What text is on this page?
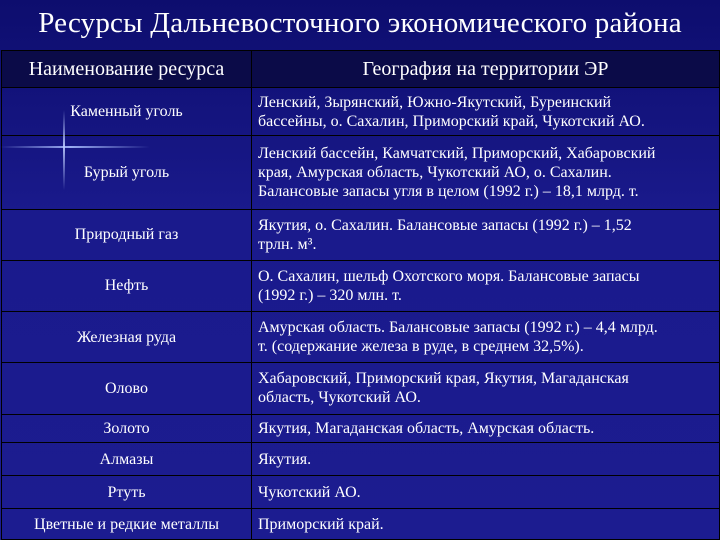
Ресурсы Дальневосточного экономического района
Наименование ресурса	География на территории ЭР
Каменный уголь	Ленский, Зырянский, Южно-Якутский, Буреинский
бассейны, о. Сахалин, Приморский край, Чукотский АО.
Бурый уголь	Ленский бассейн, Камчатский, Приморский, Хабаровский
края, Амурская область, Чукотский АО, о. Сахалин.
Балансовые запасы угля в целом (1992 г.) – 18,1 млрд. т.
Природный газ	Якутия, о. Сахалин. Балансовые запасы (1992 г.) – 1,52
трлн. м³.
Нефть	О. Сахалин, шельф Охотского моря. Балансовые запасы
(1992 г.) – 320 млн. т.
Железная руда	Амурская область. Балансовые запасы (1992 г.) – 4,4 млрд.
т. (содержание железа в руде, в среднем 32,5%).
Олово	Хабаровский, Приморский края, Якутия, Магаданская
область, Чукотский АО.
Золото	Якутия, Магаданская область, Амурская область.
Алмазы	Якутия.
Ртуть	Чукотский АО.
Цветные и редкие металлы	Приморский край.
